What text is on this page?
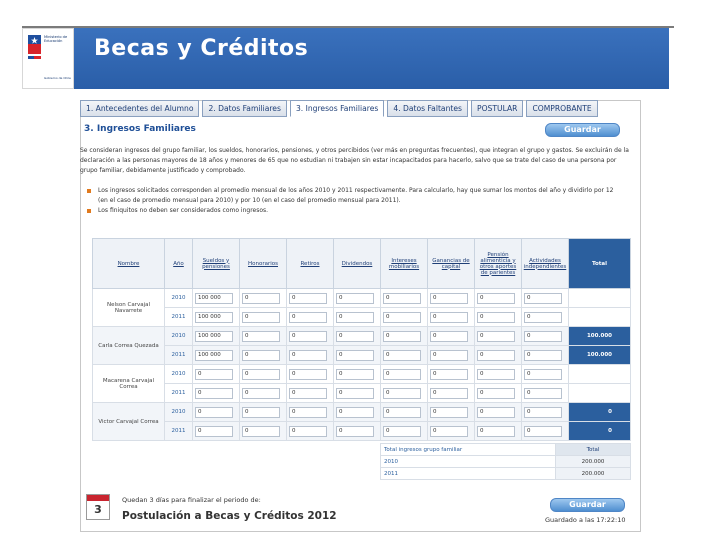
Ministerio de
Educación
Gobierno de Chile
Becas y Créditos
1. Antecedentes del Alumno	2. Datos Familiares	3. Ingresos Familiares	4. Datos Faltantes	POSTULAR	COMPROBANTE
3. Ingresos Familiares	Guardar
Se consideran ingresos del grupo familiar, los sueldos, honorarios, pensiones, y otros percibidos (ver más en preguntas frecuentes), que integran el grupo y gastos. Se excluirán de la declaración a las personas mayores de 18 años y menores de 65 que no estudian ni trabajen sin estar incapacitados para hacerlo, salvo que se trate del caso de una persona por grupo familiar, debidamente justificado y comprobado.
Los ingresos solicitados corresponden al promedio mensual de los años 2010 y 2011 respectivamente. Para calcularlo, hay que sumar los montos del año y dividirlo por 12 (en el caso de promedio mensual para 2010) y por 10 (en el caso del promedio mensual para 2011).
Los finiquitos no deben ser considerados como ingresos.
Nombre	Año	Sueldos y pensiones	Honorarios	Retiros	Dividendos	Intereses mobiliarios	Ganancias de capital	Pensión alimenticia y otros aportes de parientes	Actividades independientes	Total
Nelson Carvajal Navarrete	2010	100 000	0	0	0	0	0	0	0	100.000
	2011	100 000	0	0	0	0	0	0	0	100.000
Carla Correa Quezada	2010	100 000	0	0	0	0	0	0	0	100.000
	2011	100 000	0	0	0	0	0	0	0	100.000
Macarena Carvajal Correa	2010	0	0	0	0	0	0	0	0	0
	2011	0	0	0	0	0	0	0	0	0
Victor Carvajal Correa	2010	0	0	0	0	0	0	0	0	0
	2011	0	0	0	0	0	0	0	0	0
Total ingresos grupo familiar	Total
2010	200.000
2011	200.000
3
Quedan 3 días para finalizar el periodo de:
Postulación a Becas y Créditos 2012
Guardar
Guardado a las 17:22:10
